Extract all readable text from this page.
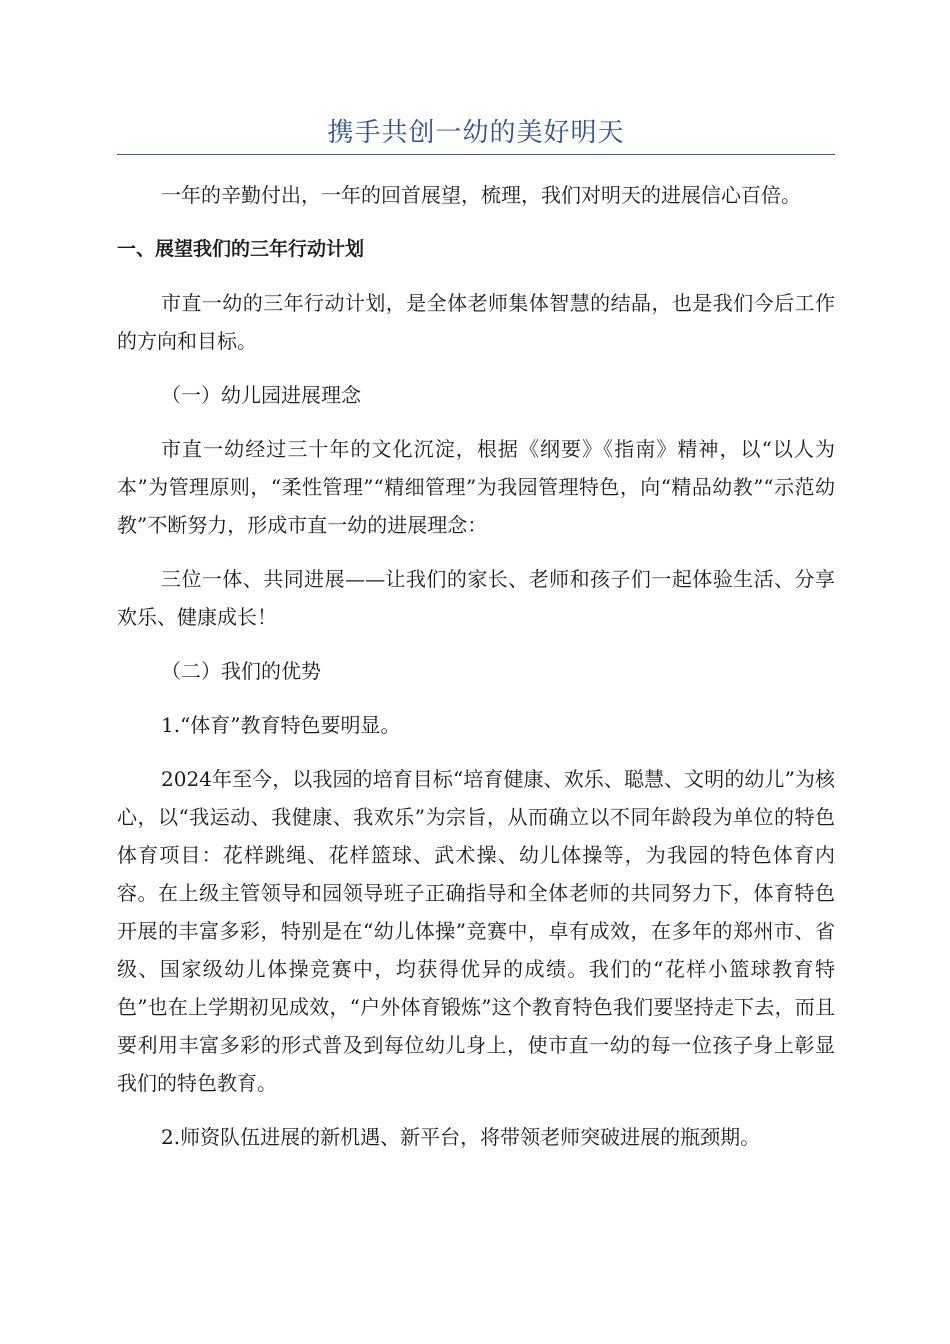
携手共创一幼的美好明天

一年的辛勤付出，一年的回首展望，梳理，我们对明天的进展信心百倍。

一、展望我们的三年行动计划

市直一幼的三年行动计划，是全体老师集体智慧的结晶，也是我们今后工作的方向和目标。

（一）幼儿园进展理念

市直一幼经过三十年的文化沉淀，根据《纲要》《指南》精神，以“以人为本”为管理原则，“柔性管理”“精细管理”为我园管理特色，向“精品幼教”“示范幼教”不断努力，形成市直一幼的进展理念：

三位一体、共同进展——让我们的家长、老师和孩子们一起体验生活、分享欢乐、健康成长！

（二）我们的优势

1.“体育”教育特色要明显。

2024年至今，以我园的培育目标“培育健康、欢乐、聪慧、文明的幼儿”为核心，以“我运动、我健康、我欢乐”为宗旨，从而确立以不同年龄段为单位的特色体育项目：花样跳绳、花样篮球、武术操、幼儿体操等，为我园的特色体育内容。在上级主管领导和园领导班子正确指导和全体老师的共同努力下，体育特色开展的丰富多彩，特别是在“幼儿体操”竞赛中，卓有成效，在多年的郑州市、省级、国家级幼儿体操竞赛中，均获得优异的成绩。我们的“花样小篮球教育特色”也在上学期初见成效，“户外体育锻炼”这个教育特色我们要坚持走下去，而且要利用丰富多彩的形式普及到每位幼儿身上，使市直一幼的每一位孩子身上彰显我们的特色教育。

2.师资队伍进展的新机遇、新平台，将带领老师突破进展的瓶颈期。
